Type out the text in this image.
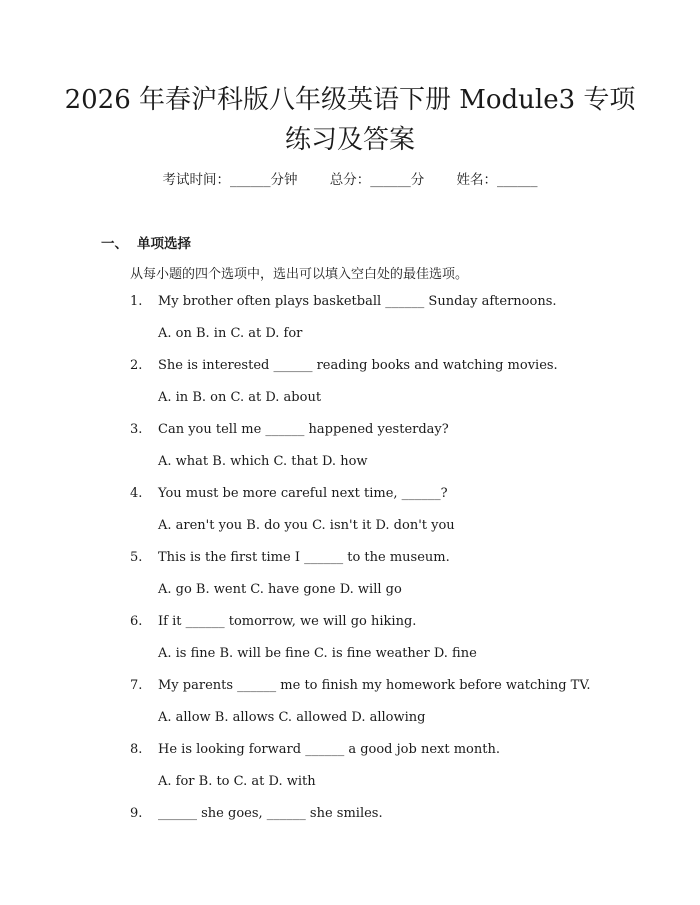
2026 年春沪科版八年级英语下册 Module3 专项练习及答案
考试时间：______分钟 总分：______分 姓名：______
一、 单项选择
从每小题的四个选项中，选出可以填入空白处的最佳选项。
1. My brother often plays basketball ______ Sunday afternoons.
A. on B. in C. at D. for
2. She is interested ______ reading books and watching movies.
A. in B. on C. at D. about
3. Can you tell me ______ happened yesterday?
A. what B. which C. that D. how
4. You must be more careful next time, ______?
A. aren't you B. do you C. isn't it D. don't you
5. This is the first time I ______ to the museum.
A. go B. went C. have gone D. will go
6. If it ______ tomorrow, we will go hiking.
A. is fine B. will be fine C. is fine weather D. fine
7. My parents ______ me to finish my homework before watching TV.
A. allow B. allows C. allowed D. allowing
8. He is looking forward ______ a good job next month.
A. for B. to C. at D. with
9. ______ she goes, ______ she smiles.
